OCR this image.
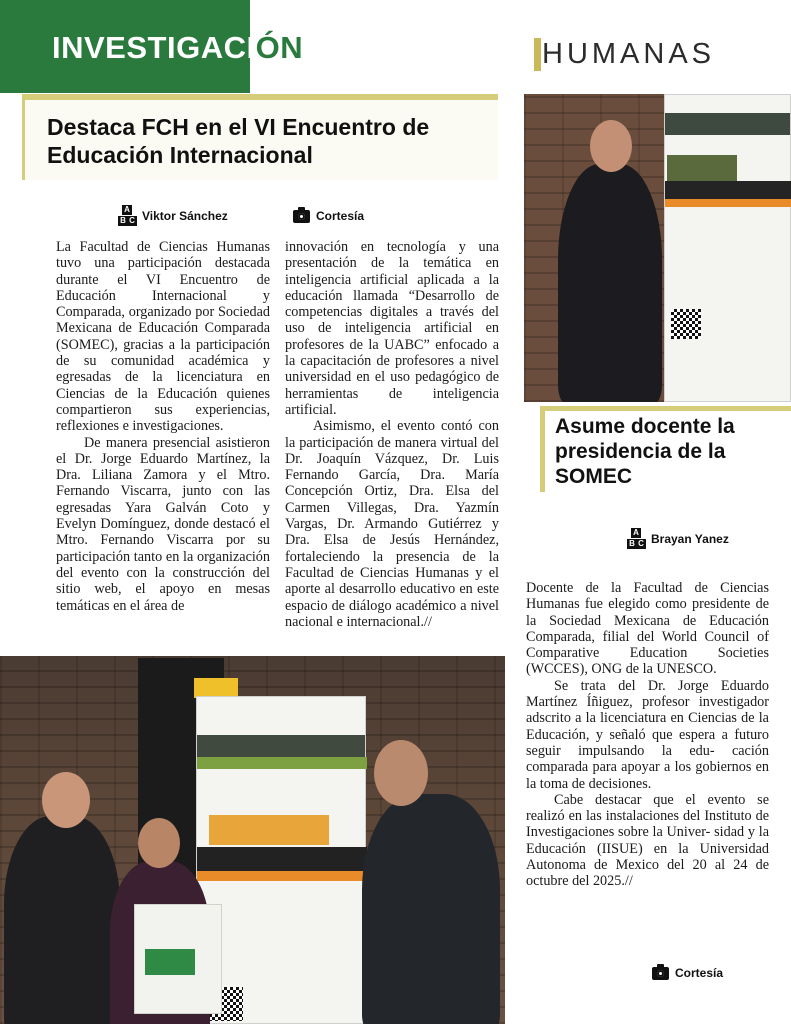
INVESTIGACIÓN	HUMANAS
Destaca FCH en el VI Encuentro de Educación Internacional
A
B C Viktor Sánchez	Cortesía

La Facultad de Ciencias Humanas tuvo una participación destacada durante el VI Encuentro de Educación Internacional y Comparada, organizado por Sociedad Mexicana de Educación Comparada (SOMEC), gracias a la participación de su comunidad académica y egresadas de la licenciatura en Ciencias de la Educación quienes compartieron sus experiencias, reflexiones e investigaciones.

De manera presencial asistieron el Dr. Jorge Eduardo Martínez, la Dra. Liliana Zamora y el Mtro. Fernando Viscarra, junto con las egresadas Yara Galván Coto y Evelyn Domínguez, donde destacó el Mtro. Fernando Viscarra por su participación tanto en la organización del evento con la construcción del sitio web, el apoyo en mesas temáticas en el área de

innovación en tecnología y una presentación de la temática en inteligencia artificial aplicada a la educación llamada “Desarrollo de competencias digitales a través del uso de inteligencia artificial en profesores de la UABC” enfocado a la capacitación de profesores a nivel universidad en el uso pedagógico de herramientas de inteligencia artificial.

Asimismo, el evento contó con la participación de manera virtual del Dr. Joaquín Vázquez, Dr. Luis Fernando García, Dra. María Concepción Ortiz, Dra. Elsa del Carmen Villegas, Dra. Yazmín Vargas, Dr. Armando Gutiérrez y Dra. Elsa de Jesús Hernández, fortaleciendo la presencia de la Facultad de Ciencias Humanas y el aporte al desarrollo educativo en este espacio de diálogo académico a nivel nacional e internacional.//

Asume docente la presidencia de la SOMEC
A
B C Brayan Yanez

Docente de la Facultad de Ciencias Humanas fue elegido como presidente de la Sociedad Mexicana de Educación Comparada, filial del World Council of Comparative Education Societies (WCCES), ONG de la UNESCO.

Se trata del Dr. Jorge Eduardo Martínez Íñiguez, profesor investigador adscrito a la licenciatura en Ciencias de la Educación, y señaló que espera a futuro seguir impulsando la edu- cación comparada para apoyar a los gobiernos en la toma de decisiones.

Cabe destacar que el evento se realizó en las instalaciones del Instituto de Investigaciones sobre la Univer- sidad y la Educación (IISUE) en la Universidad Autonoma de Mexico del 20 al 24 de octubre del 2025.//

Cortesía
